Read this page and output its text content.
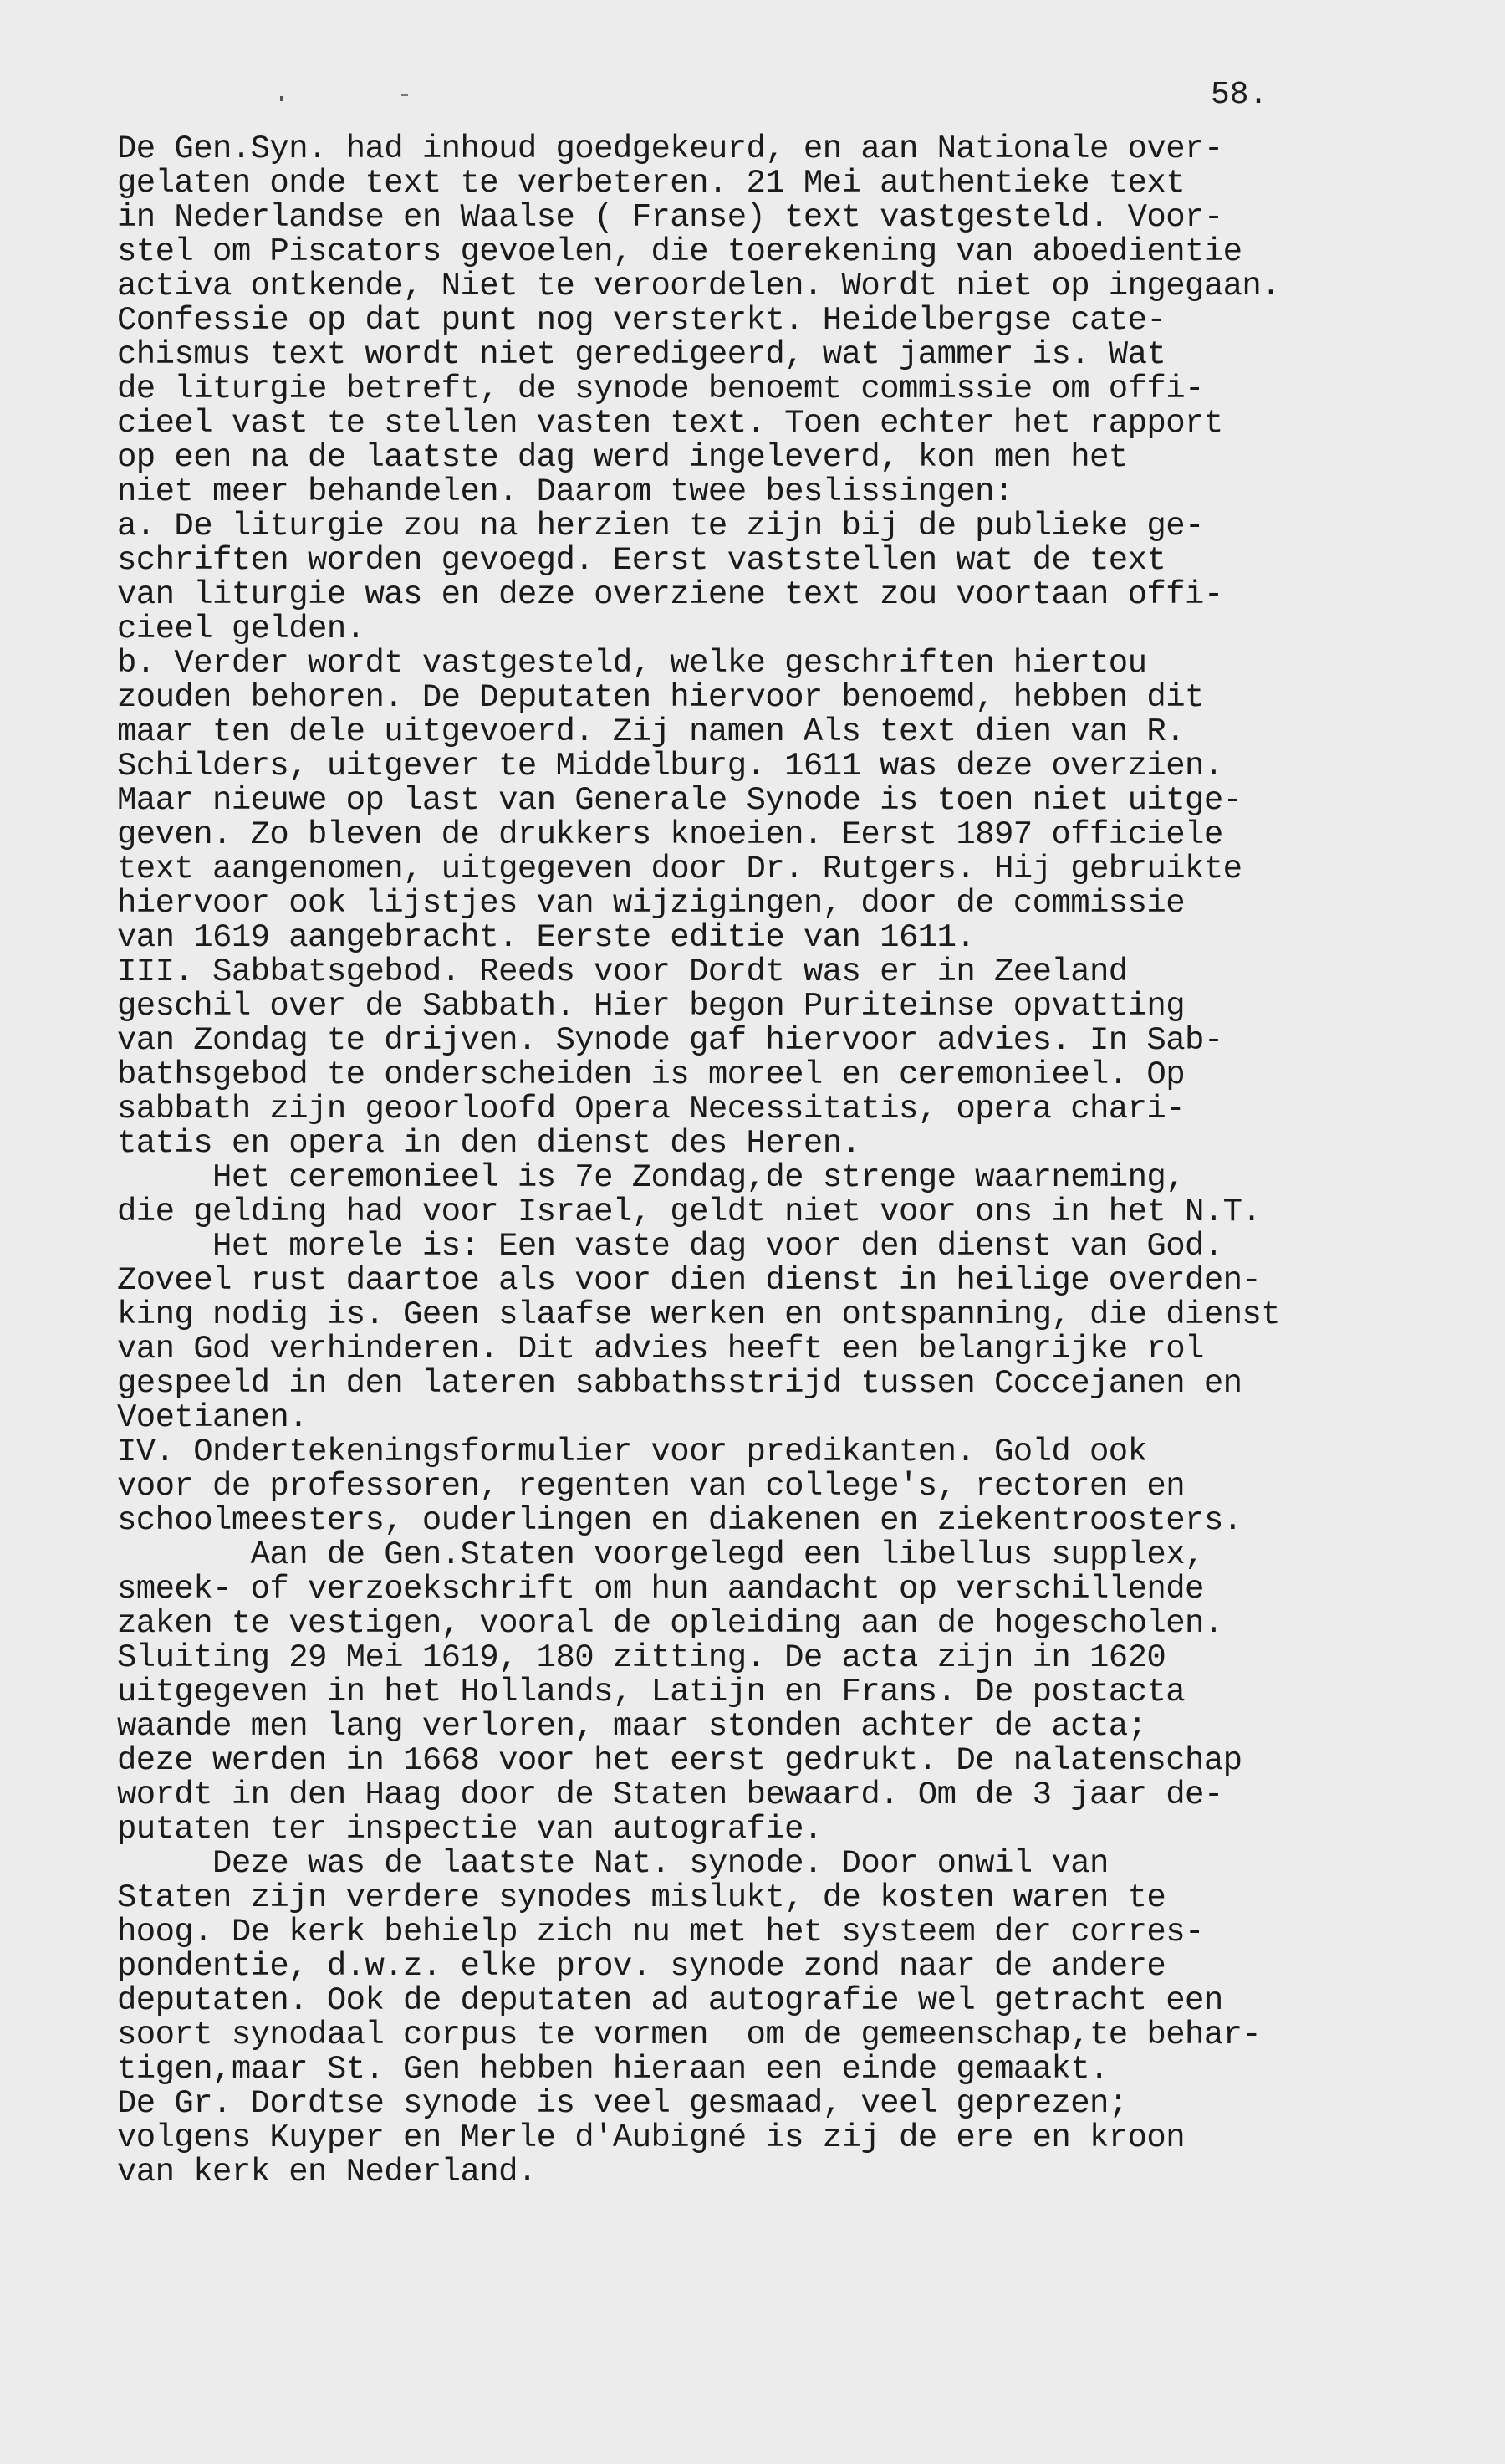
58.
De Gen.Syn. had inhoud goedgekeurd, en aan Nationale over-
gelaten onde text te verbeteren. 21 Mei authentieke text
in Nederlandse en Waalse ( Franse) text vastgesteld. Voor-
stel om Piscators gevoelen, die toerekening van aboedientie
activa ontkende, Niet te veroordelen. Wordt niet op ingegaan.
Confessie op dat punt nog versterkt. Heidelbergse cate-
chismus text wordt niet geredigeerd, wat jammer is. Wat
de liturgie betreft, de synode benoemt commissie om offi-
cieel vast te stellen vasten text. Toen echter het rapport
op een na de laatste dag werd ingeleverd, kon men het
niet meer behandelen. Daarom twee beslissingen:
a. De liturgie zou na herzien te zijn bij de publieke ge-
schriften worden gevoegd. Eerst vaststellen wat de text
van liturgie was en deze overziene text zou voortaan offi-
cieel gelden.
b. Verder wordt vastgesteld, welke geschriften hiertou
zouden behoren. De Deputaten hiervoor benoemd, hebben dit
maar ten dele uitgevoerd. Zij namen Als text dien van R.
Schilders, uitgever te Middelburg. 1611 was deze overzien.
Maar nieuwe op last van Generale Synode is toen niet uitge-
geven. Zo bleven de drukkers knoeien. Eerst 1897 officiele
text aangenomen, uitgegeven door Dr. Rutgers. Hij gebruikte
hiervoor ook lijstjes van wijzigingen, door de commissie
van 1619 aangebracht. Eerste editie van 1611.
III. Sabbatsgebod. Reeds voor Dordt was er in Zeeland
geschil over de Sabbath. Hier begon Puriteinse opvatting
van Zondag te drijven. Synode gaf hiervoor advies. In Sab-
bathsgebod te onderscheiden is moreel en ceremonieel. Op
sabbath zijn geoorloofd Opera Necessitatis, opera chari-
tatis en opera in den dienst des Heren.
Het ceremonieel is 7e Zondag,de strenge waarneming,
die gelding had voor Israel, geldt niet voor ons in het N.T.
Het morele is: Een vaste dag voor den dienst van God.
Zoveel rust daartoe als voor dien dienst in heilige overden-
king nodig is. Geen slaafse werken en ontspanning, die dienst
van God verhinderen. Dit advies heeft een belangrijke rol
gespeeld in den lateren sabbathsstrijd tussen Coccejanen en
Voetianen.
IV. Ondertekeningsformulier voor predikanten. Gold ook
voor de professoren, regenten van college's, rectoren en
schoolmeesters, ouderlingen en diakenen en ziekentroosters.
Aan de Gen.Staten voorgelegd een libellus supplex,
smeek- of verzoekschrift om hun aandacht op verschillende
zaken te vestigen, vooral de opleiding aan de hogescholen.
Sluiting 29 Mei 1619, 180 zitting. De acta zijn in 1620
uitgegeven in het Hollands, Latijn en Frans. De postacta
waande men lang verloren, maar stonden achter de acta;
deze werden in 1668 voor het eerst gedrukt. De nalatenschap
wordt in den Haag door de Staten bewaard. Om de 3 jaar de-
putaten ter inspectie van autografie.
Deze was de laatste Nat. synode. Door onwil van
Staten zijn verdere synodes mislukt, de kosten waren te
hoog. De kerk behielp zich nu met het systeem der corres-
pondentie, d.w.z. elke prov. synode zond naar de andere
deputaten. Ook de deputaten ad autografie wel getracht een
soort synodaal corpus te vormen  om de gemeenschap,te behar-
tigen,maar St. Gen hebben hieraan een einde gemaakt.
De Gr. Dordtse synode is veel gesmaad, veel geprezen;
volgens Kuyper en Merle d'Aubigné is zij de ere en kroon
van kerk en Nederland.
